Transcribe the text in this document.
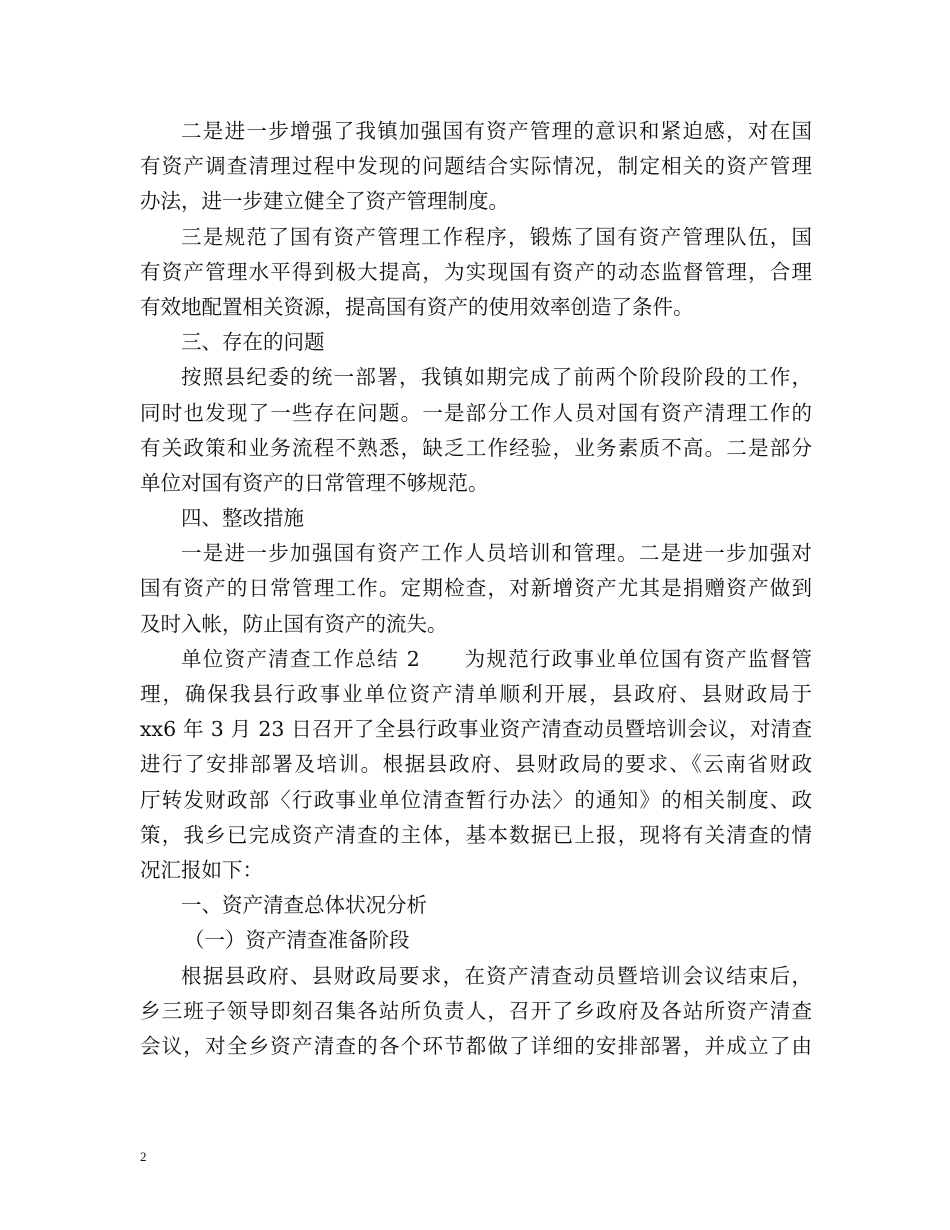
二是进一步增强了我镇加强国有资产管理的意识和紧迫感，对在国
有资产调查清理过程中发现的问题结合实际情况，制定相关的资产管理
办法，进一步建立健全了资产管理制度。
三是规范了国有资产管理工作程序，锻炼了国有资产管理队伍，国
有资产管理水平得到极大提高，为实现国有资产的动态监督管理，合理
有效地配置相关资源，提高国有资产的使用效率创造了条件。
三、存在的问题
按照县纪委的统一部署，我镇如期完成了前两个阶段阶段的工作，
同时也发现了一些存在问题。一是部分工作人员对国有资产清理工作的
有关政策和业务流程不熟悉，缺乏工作经验，业务素质不高。二是部分
单位对国有资产的日常管理不够规范。
四、整改措施
一是进一步加强国有资产工作人员培训和管理。二是进一步加强对
国有资产的日常管理工作。定期检查，对新增资产尤其是捐赠资产做到
及时入帐，防止国有资产的流失。
单位资产清查工作总结 2　　为规范行政事业单位国有资产监督管
理，确保我县行政事业单位资产清单顺利开展，县政府、县财政局于
xx6 年 3 月 23 日召开了全县行政事业资产清查动员暨培训会议，对清查
进行了安排部署及培训。根据县政府、县财政局的要求、《云南省财政
厅转发财政部〈行政事业单位清查暂行办法〉的通知》的相关制度、政
策，我乡已完成资产清查的主体，基本数据已上报，现将有关清查的情
况汇报如下：
一、资产清查总体状况分析
（一）资产清查准备阶段
根据县政府、县财政局要求，在资产清查动员暨培训会议结束后，
乡三班子领导即刻召集各站所负责人，召开了乡政府及各站所资产清查
会议，对全乡资产清查的各个环节都做了详细的安排部署，并成立了由
2
